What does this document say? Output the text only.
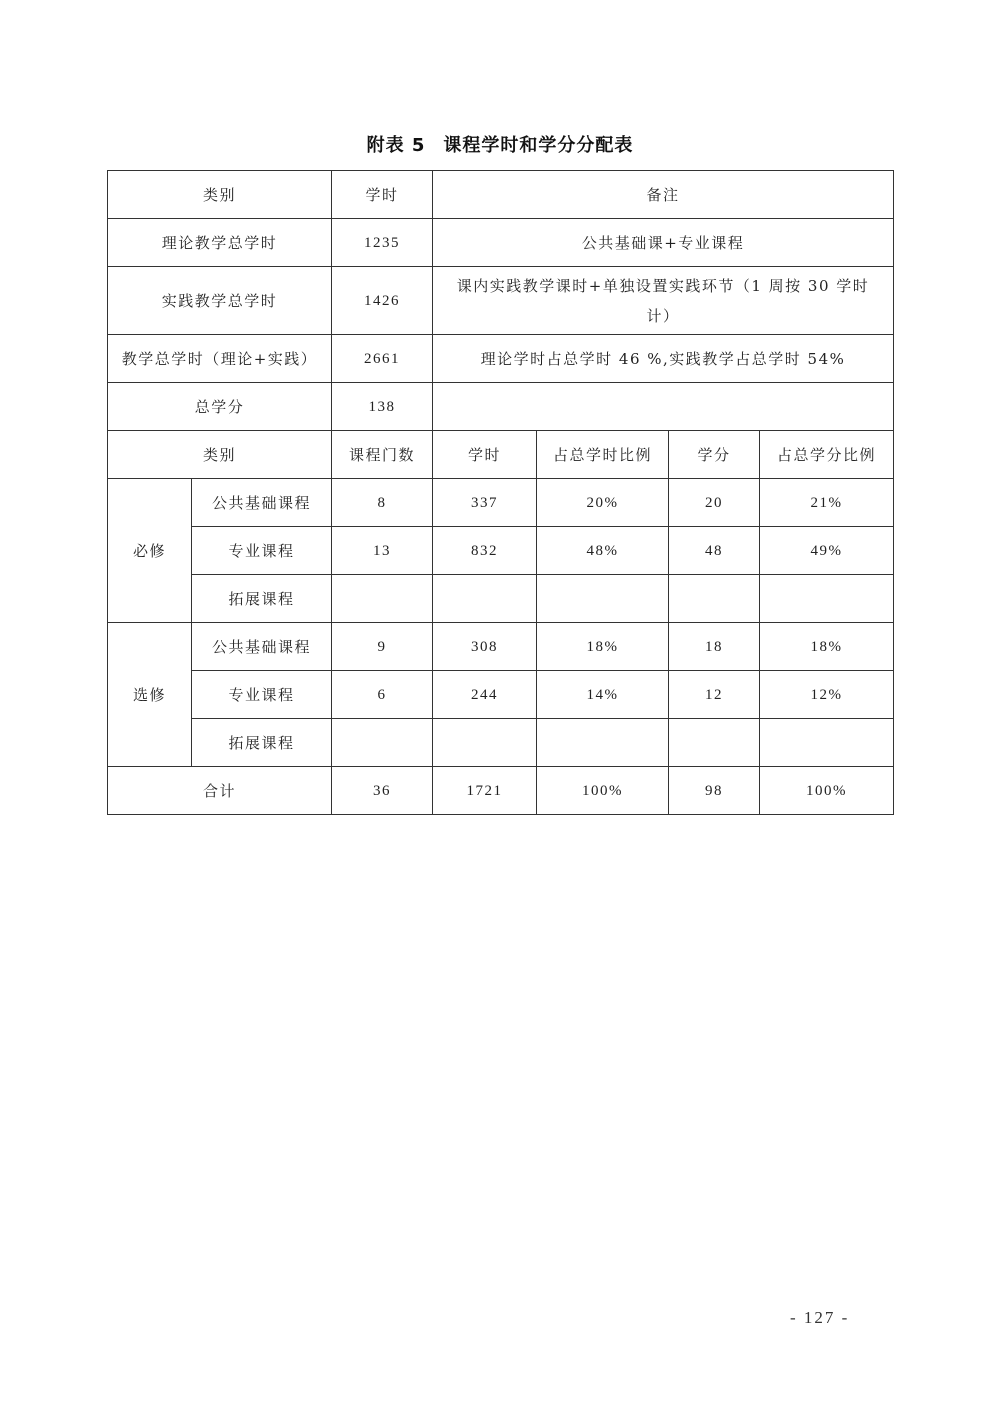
附表 5 课程学时和学分分配表
类别		学时	备注			
理论教学总学时		1235	公共基础课+专业课程			
实践教学总学时		1426	课内实践教学课时+单独设置实践环节（1 周按 30 学时计）			
教学总学时（理论+实践）		2661	理论学时占总学时 46 %,实践教学占总学时 54%			
总学分		138				
类别		课程门数	学时	占总学时比例	学分	占总学分比例
必修	公共基础课程	8	337	20%	20	21%
	专业课程	13	832	48%	48	49%
	拓展课程					
选修	公共基础课程	9	308	18%	18	18%
	专业课程	6	244	14%	12	12%
	拓展课程					
合计		36	1721	100%	98	100%
- 127 -
